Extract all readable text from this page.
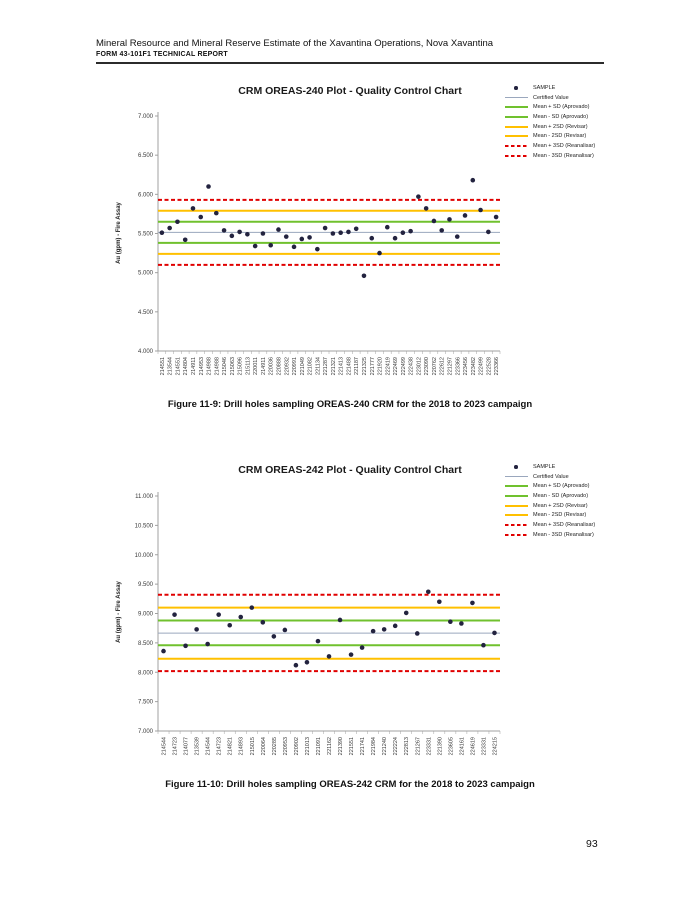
Mineral Resource and Mineral Reserve Estimate of the Xavantina Operations, Nova Xavantina
FORM 43-101F1 TECHNICAL REPORT
CRM OREAS-240 Plot - Quality Control Chart
Au (gpm) - Fire Assay
7.000
6.500
6.000
5.500
5.000
4.500
4.000
214551 213544 214551 214804 214911 214953 214988 214988 215046 215063 215096 215113 220011 214911 220036 220888 220932 220991 221049 221082 221134 221287 221321 221413 221488 221187 221325 221777 221920 222419 222469 222499 222438 223012 223090 220762 222612 221297 223366 223456 223482 222499 222528 223366
SAMPLE
Certified Value
Mean + SD (Aprovado)
Mean - SD (Aprovado)
Mean + 2SD (Revisar)
Mean - 2SD (Revisar)
Mean + 3SD (Reanalisar)
Mean - 3SD (Reanalisar)
Figure 11-9: Drill holes sampling OREAS-240 CRM for the 2018 to 2023 campaign
CRM OREAS-242 Plot - Quality Control Chart
Au (gpm) - Fire Assay
11.000
10.500
10.000
9.500
9.000
8.500
8.000
7.500
7.000
214544 214723 214077 213539 214544 214723 214821 214893 215015 220064 220285 220953 220902 221013 221091 221162 221390 221551 221741 221984 221240 222224 222813 221267 223331 221390 223605 224161 224619 223331 224215
SAMPLE
Certified Value
Mean + SD (Aprovado)
Mean - SD (Aprovado)
Mean + 2SD (Revisar)
Mean - 2SD (Revisar)
Mean + 3SD (Reanalisar)
Mean - 3SD (Reanalisar)
Figure 11-10: Drill holes sampling OREAS-242 CRM for the 2018 to 2023 campaign
93
